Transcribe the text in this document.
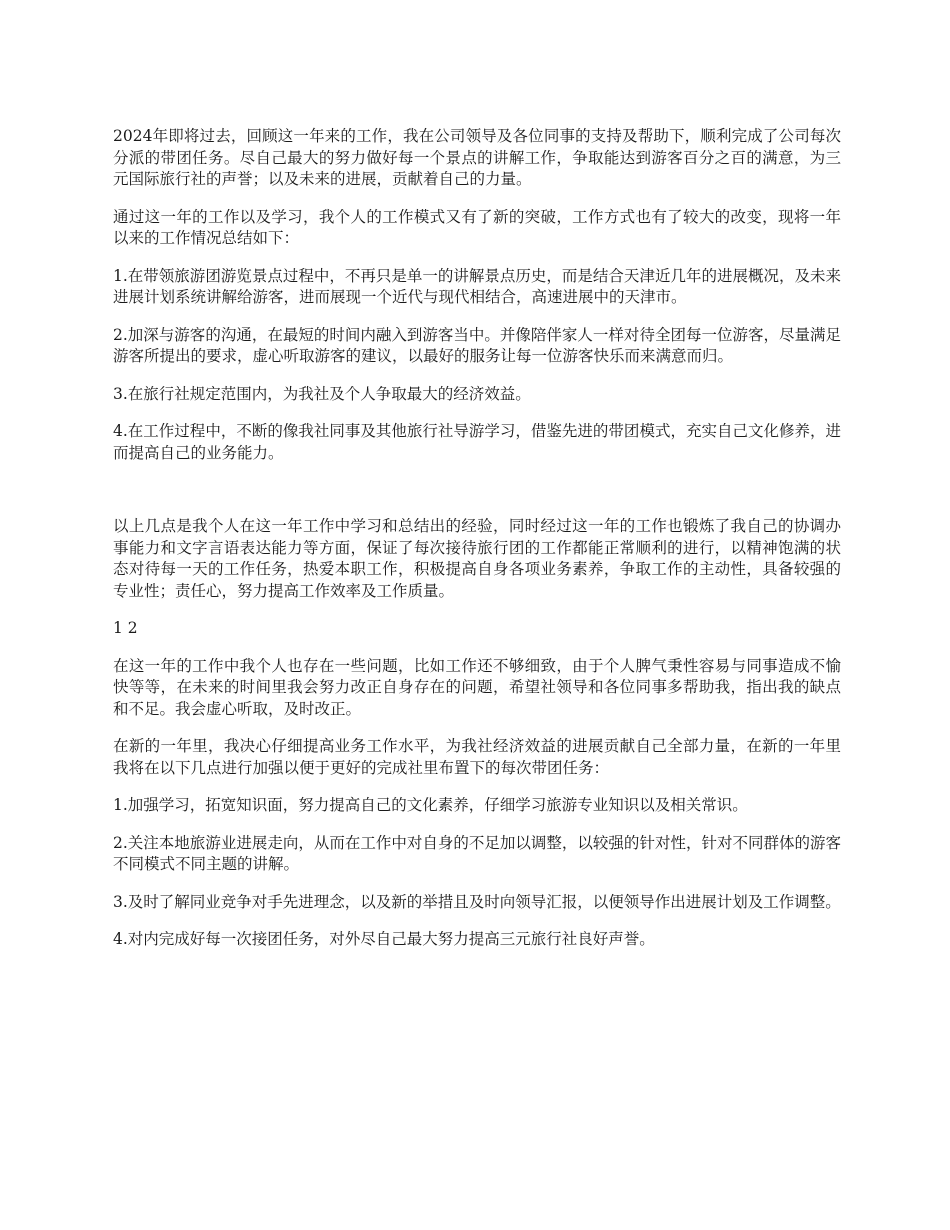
2024年即将过去，回顾这一年来的工作，我在公司领导及各位同事的支持及帮助下，顺利完成了公司每次分派的带团任务。尽自己最大的努力做好每一个景点的讲解工作，争取能达到游客百分之百的满意，为三元国际旅行社的声誉；以及未来的进展，贡献着自己的力量。

通过这一年的工作以及学习，我个人的工作模式又有了新的突破，工作方式也有了较大的改变，现将一年以来的工作情况总结如下：

1.在带领旅游团游览景点过程中，不再只是单一的讲解景点历史，而是结合天津近几年的进展概况，及未来进展计划系统讲解给游客，进而展现一个近代与现代相结合，高速进展中的天津市。

2.加深与游客的沟通，在最短的时间内融入到游客当中。并像陪伴家人一样对待全团每一位游客，尽量满足游客所提出的要求，虚心听取游客的建议，以最好的服务让每一位游客快乐而来满意而归。

3.在旅行社规定范围内，为我社及个人争取最大的经济效益。

4.在工作过程中，不断的像我社同事及其他旅行社导游学习，借鉴先进的带团模式，充实自己文化修养，进而提高自己的业务能力。

以上几点是我个人在这一年工作中学习和总结出的经验，同时经过这一年的工作也锻炼了我自己的协调办事能力和文字言语表达能力等方面，保证了每次接待旅行团的工作都能正常顺利的进行，以精神饱满的状态对待每一天的工作任务，热爱本职工作，积极提高自身各项业务素养，争取工作的主动性，具备较强的专业性；责任心，努力提高工作效率及工作质量。

1 2

在这一年的工作中我个人也存在一些问题，比如工作还不够细致，由于个人脾气秉性容易与同事造成不愉快等等，在未来的时间里我会努力改正自身存在的问题，希望社领导和各位同事多帮助我，指出我的缺点和不足。我会虚心听取，及时改正。

在新的一年里，我决心仔细提高业务工作水平，为我社经济效益的进展贡献自己全部力量，在新的一年里我将在以下几点进行加强以便于更好的完成社里布置下的每次带团任务：

1.加强学习，拓宽知识面，努力提高自己的文化素养，仔细学习旅游专业知识以及相关常识。

2.关注本地旅游业进展走向，从而在工作中对自身的不足加以调整，以较强的针对性，针对不同群体的游客不同模式不同主题的讲解。

3.及时了解同业竞争对手先进理念，以及新的举措且及时向领导汇报，以便领导作出进展计划及工作调整。

4.对内完成好每一次接团任务，对外尽自己最大努力提高三元旅行社良好声誉。
